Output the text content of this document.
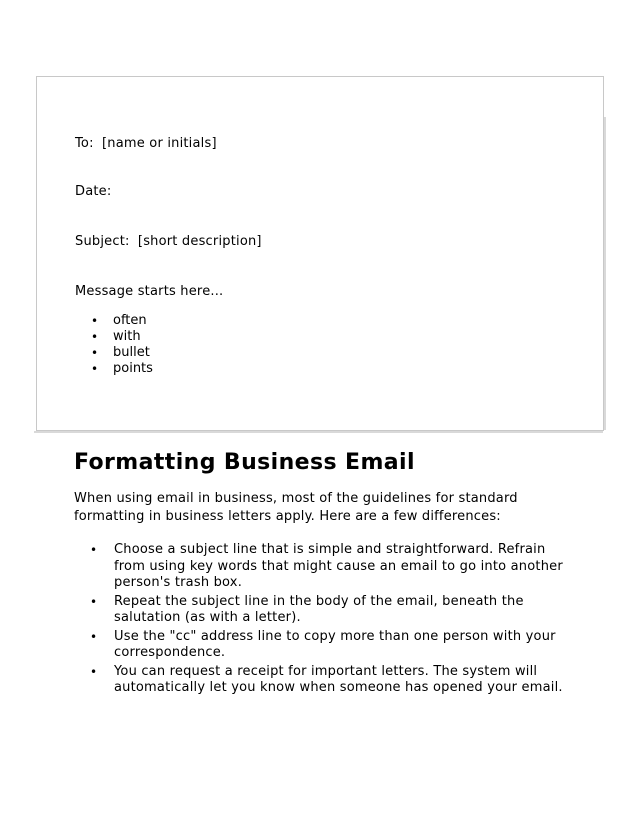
To: [name or initials]
Date:
Subject: [short description]
Message starts here...
• often
• with
• bullet
• points
Formatting Business Email

When using email in business, most of the guidelines for standard formatting in business letters apply. Here are a few differences:

• Choose a subject line that is simple and straightforward. Refrain from using key words that might cause an email to go into another person's trash box.
• Repeat the subject line in the body of the email, beneath the salutation (as with a letter).
• Use the "cc" address line to copy more than one person with your correspondence.
• You can request a receipt for important letters. The system will automatically let you know when someone has opened your email.
